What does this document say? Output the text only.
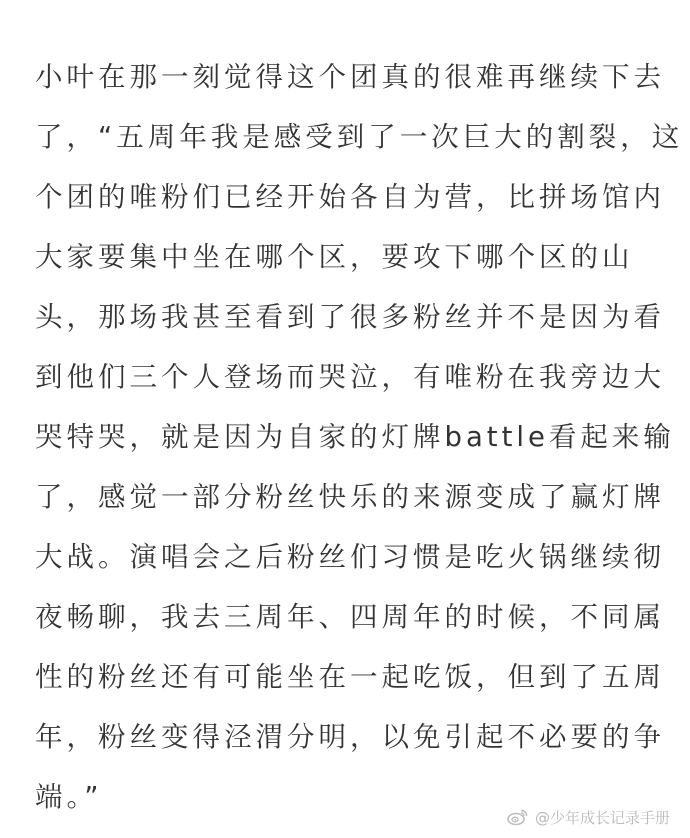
小叶在那一刻觉得这个团真的很难再继续下去
了，“五周年我是感受到了一次巨大的割裂，这
个团的唯粉们已经开始各自为营，比拼场馆内
大家要集中坐在哪个区，要攻下哪个区的山
头，那场我甚至看到了很多粉丝并不是因为看
到他们三个人登场而哭泣，有唯粉在我旁边大
哭特哭，就是因为自家的灯牌battle看起来输
了，感觉一部分粉丝快乐的来源变成了赢灯牌
大战。演唱会之后粉丝们习惯是吃火锅继续彻
夜畅聊，我去三周年、四周年的时候，不同属
性的粉丝还有可能坐在一起吃饭，但到了五周
年，粉丝变得泾渭分明，以免引起不必要的争
端。”
@少年成长记录手册
